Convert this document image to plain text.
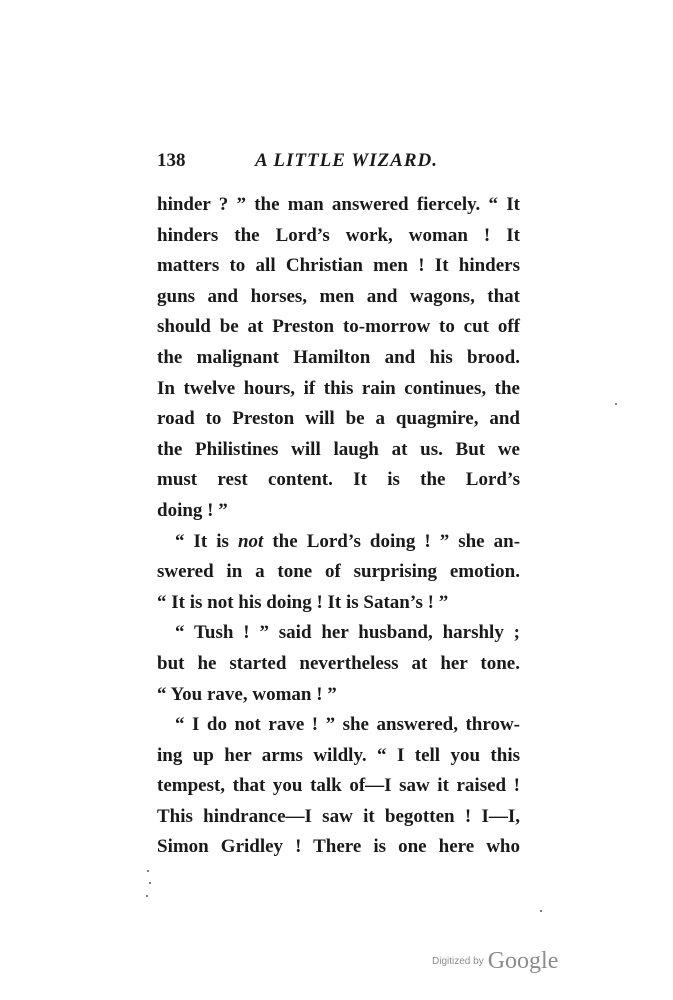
138	A LITTLE WIZARD.
hinder ? ” the man answered fiercely. “ It
hinders the Lord’s work, woman ! It
matters to all Christian men ! It hinders
guns and horses, men and wagons, that
should be at Preston to-morrow to cut off
the malignant Hamilton and his brood.
In twelve hours, if this rain continues, the
road to Preston will be a quagmire, and
the Philistines will laugh at us. But we
must rest content. It is the Lord’s
doing ! ”
“ It is not the Lord’s doing ! ” she an-
swered in a tone of surprising emotion.
“ It is not his doing ! It is Satan’s ! ”
“ Tush ! ” said her husband, harshly ;
but he started nevertheless at her tone.
“ You rave, woman ! ”
“ I do not rave ! ” she answered, throw-
ing up her arms wildly. “ I tell you this
tempest, that you talk of—I saw it raised !
This hindrance—I saw it begotten ! I—I,
Simon Gridley ! There is one here who
Digitized by Google
